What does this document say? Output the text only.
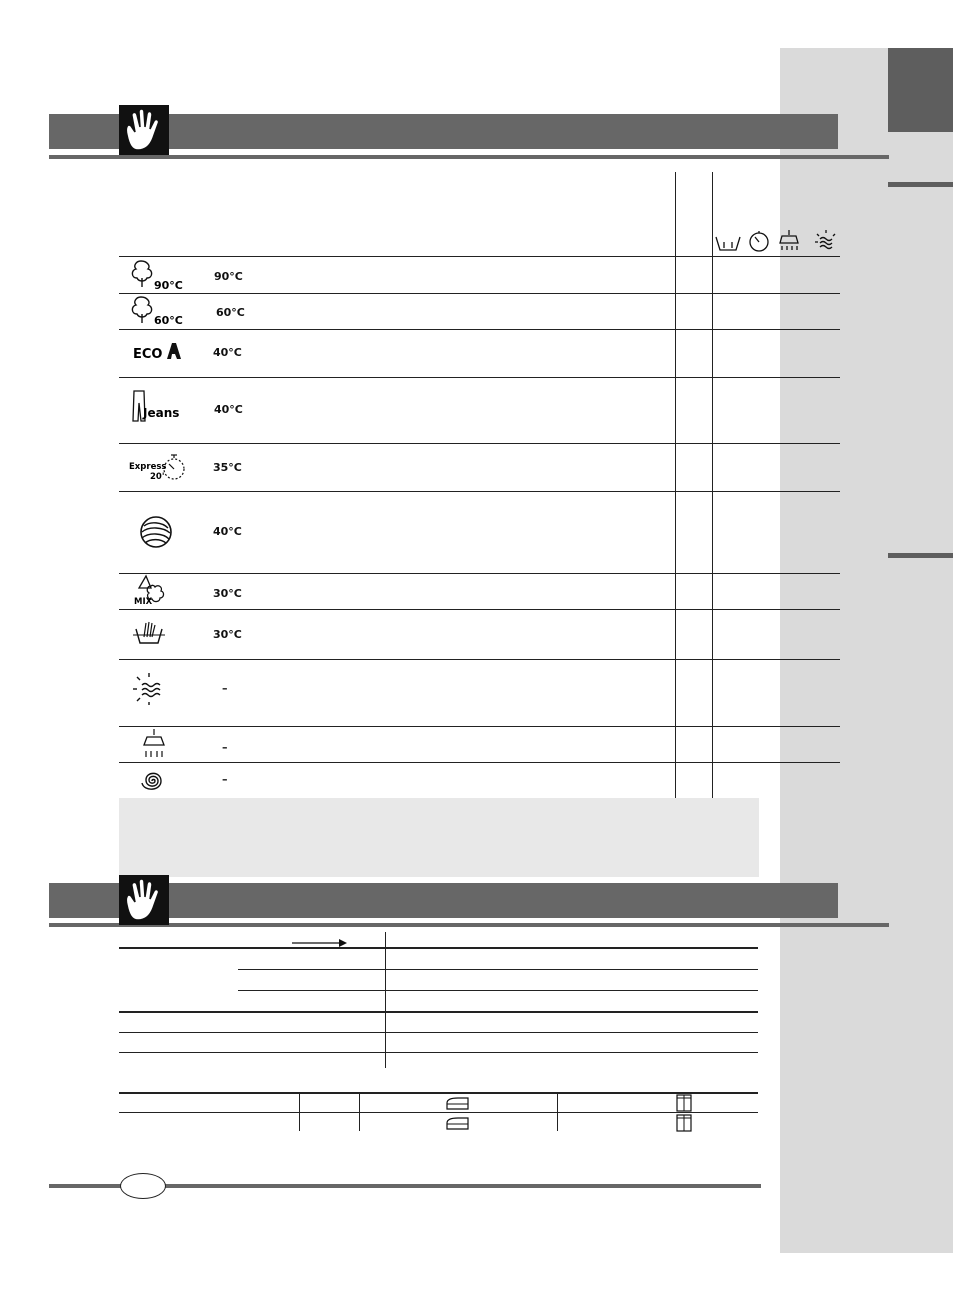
90°C
90°C
60°C
60°C
ECO	40°C
Jeans	40°C
Express
20'
35°C
40°C
MIX
30°C
30°C
–
–
–
